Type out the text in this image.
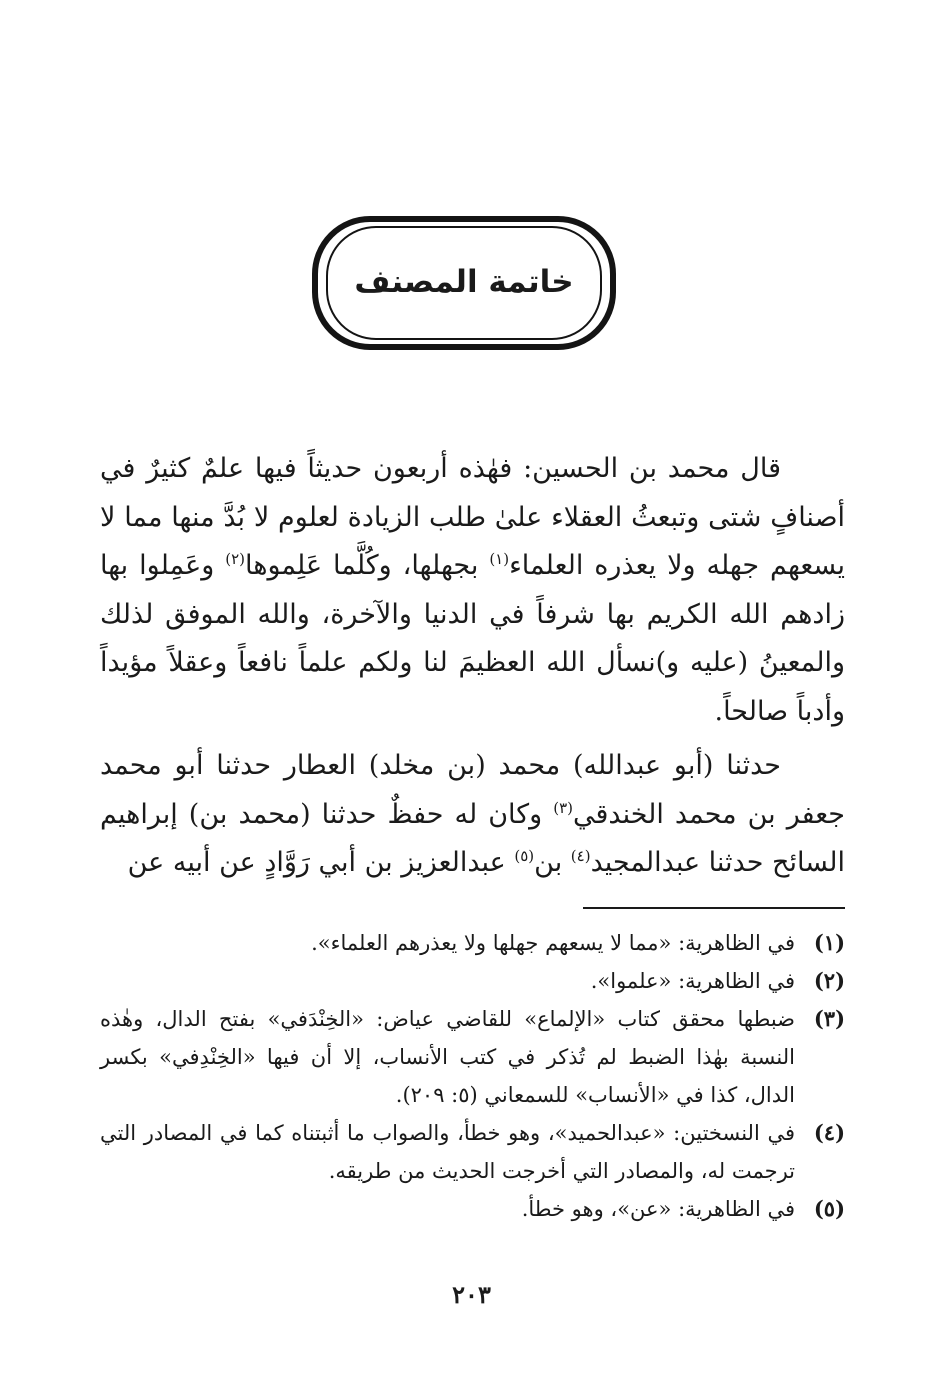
خاتمة المصنف
قال محمد بن الحسين: فهٰذه أربعون حديثاً فيها علمٌ كثيرٌ في أصنافٍ شتى وتبعثُ العقلاء علىٰ طلب الزيادة لعلوم لا بُدَّ منها مما لا يسعهم جهله ولا يعذره العلماء$^{(١)}$ بجهلها، وكُلَّما عَلِموها$^{(٢)}$ وعَمِلوا بها زادهم الله الكريم بها شرفاً في الدنيا والآخرة، والله الموفق لذلك والمعينُ (عليه و)نسأل الله العظيمَ لنا ولكم علماً نافعاً وعقلاً مؤيداً وأدباً صالحاً.
حدثنا (أبو عبدالله) محمد (بن مخلد) العطار حدثنا أبو محمد جعفر بن محمد الخندقي$^{(٣)}$ وكان له حفظٌ حدثنا (محمد بن) إبراهيم السائح حدثنا عبدالمجيد$^{(٤)}$ بن$^{(٥)}$ عبدالعزيز بن أبي رَوَّادٍ عن أبيه عن
(١)
في الظاهرية: «مما لا يسعهم جهلها ولا يعذرهم العلماء».
(٢)
في الظاهرية: «علموا».
(٣)
ضبطها محقق كتاب «الإلماع» للقاضي عياض: «الخِنْدَفي» بفتح الدال، وهٰذه النسبة بهٰذا الضبط لم تُذكر في كتب الأنساب، إلا أن فيها «الخِنْدِفي» بكسر الدال، كذا في «الأنساب» للسمعاني (٥: ٢٠٩).
(٤)
في النسختين: «عبدالحميد»، وهو خطأ، والصواب ما أثبتناه كما في المصادر التي ترجمت له، والمصادر التي أخرجت الحديث من طريقه.
(٥)
في الظاهرية: «عن»، وهو خطأ.
٢٠٣
